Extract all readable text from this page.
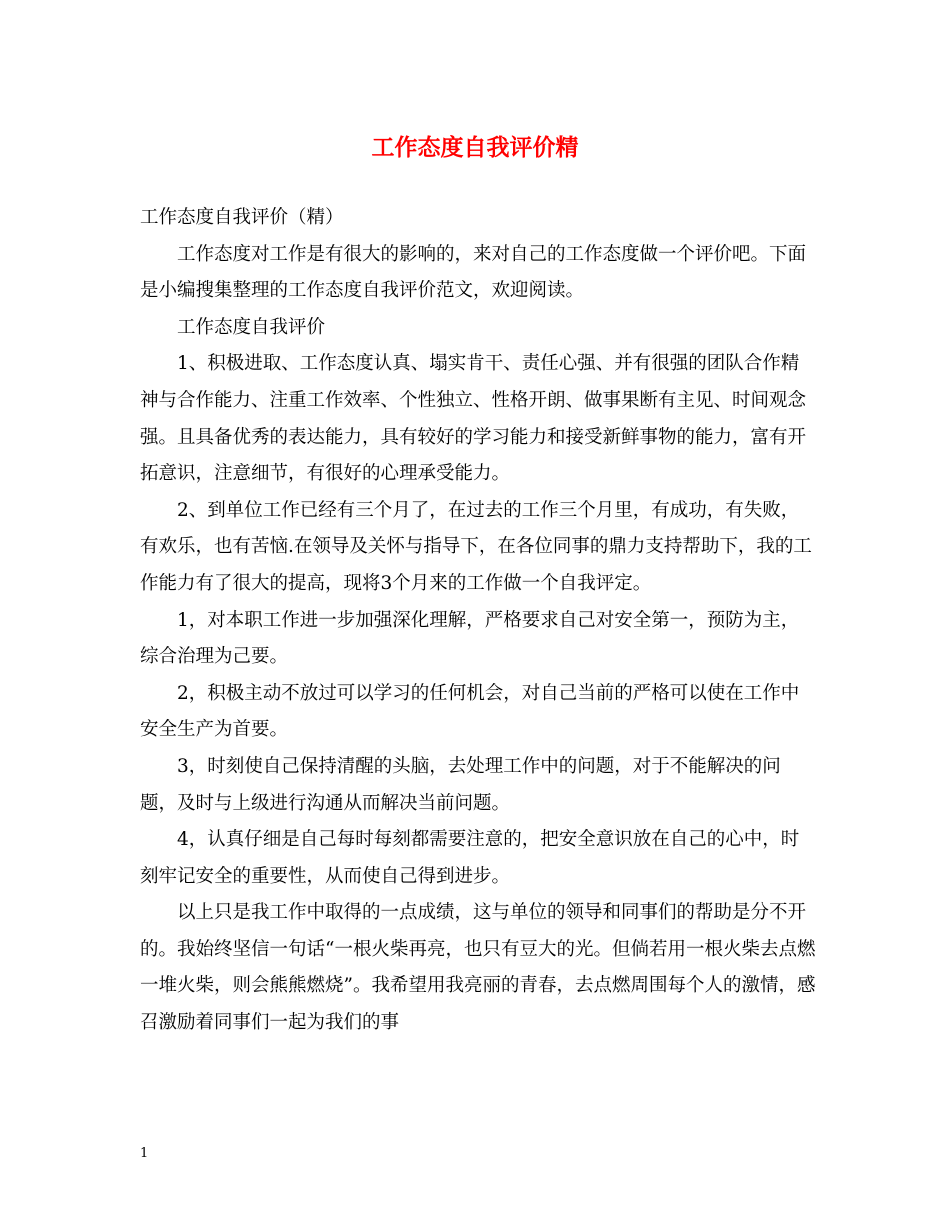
工作态度自我评价精

工作态度自我评价（精）

工作态度对工作是有很大的影响的，来对自己的工作态度做一个评价吧。下面是小编搜集整理的工作态度自我评价范文，欢迎阅读。

工作态度自我评价

1、积极进取、工作态度认真、塌实肯干、责任心强、并有很强的团队合作精神与合作能力、注重工作效率、个性独立、性格开朗、做事果断有主见、时间观念强。且具备优秀的表达能力，具有较好的学习能力和接受新鲜事物的能力，富有开拓意识，注意细节，有很好的心理承受能力。

2、到单位工作已经有三个月了，在过去的工作三个月里，有成功，有失败，有欢乐，也有苦恼.在领导及关怀与指导下，在各位同事的鼎力支持帮助下，我的工作能力有了很大的提高，现将3个月来的工作做一个自我评定。

1，对本职工作进一步加强深化理解，严格要求自己对安全第一，预防为主，综合治理为己要。

2，积极主动不放过可以学习的任何机会，对自己当前的严格可以使在工作中安全生产为首要。

3，时刻使自己保持清醒的头脑，去处理工作中的问题，对于不能解决的问题，及时与上级进行沟通从而解决当前问题。

4，认真仔细是自己每时每刻都需要注意的，把安全意识放在自己的心中，时刻牢记安全的重要性，从而使自己得到进步。

以上只是我工作中取得的一点成绩，这与单位的领导和同事们的帮助是分不开的。我始终坚信一句话“一根火柴再亮，也只有豆大的光。但倘若用一根火柴去点燃一堆火柴，则会熊熊燃烧”。我希望用我亮丽的青春，去点燃周围每个人的激情，感召激励着同事们一起为我们的事

1
